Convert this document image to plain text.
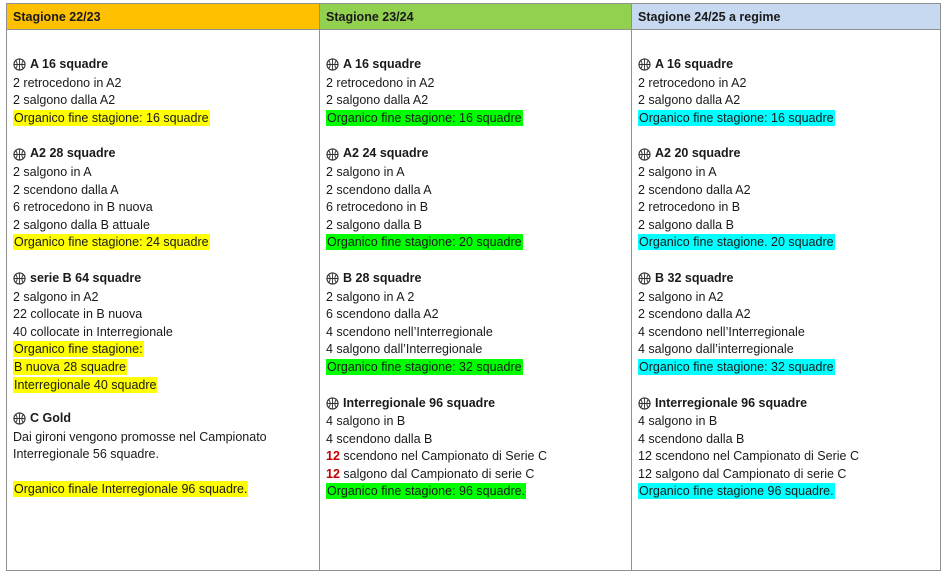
Stagione 22/23
A 16 squadre
2 retrocedono in A2
2 salgono dalla A2
Organico fine stagione: 16 squadre
A2 28 squadre
2 salgono in A
2 scendono dalla A
6 retrocedono in B nuova
2 salgono dalla B attuale
Organico fine stagione: 24 squadre
serie B 64 squadre
2 salgono in A2
22 collocate in B nuova
40 collocate in Interregionale
Organico fine stagione:
B nuova 28 squadre
Interregionale 40 squadre
C Gold
Dai gironi vengono promosse nel Campionato
Interregionale 56 squadre.
Organico finale Interregionale 96 squadre.
Stagione 23/24
A 16 squadre
2 retrocedono in A2
2 salgono dalla A2
Organico fine stagione: 16 squadre
A2 24 squadre
2 salgono in A
2 scendono dalla A
6 retrocedono in B
2 salgono dalla B
Organico fine stagione: 20 squadre
B 28 squadre
2 salgono in A 2
6 scendono dalla A2
4 scendono nell’Interregionale
4 salgono dall’Interregionale
Organico fine stagione: 32 squadre
Interregionale 96 squadre
4 salgono in B
4 scendono dalla B
12 scendono nel Campionato di Serie C
12 salgono dal Campionato di serie C
Organico fine stagione: 96 squadre.
Stagione 24/25 a regime
A 16 squadre
2 retrocedono in A2
2 salgono dalla A2
Organico fine stagione: 16 squadre
A2 20 squadre
2 salgono in A
2 scendono dalla A2
2 retrocedono in B
2 salgono dalla B
Organico fine stagione. 20 squadre
B 32 squadre
2 salgono in A2
2 scendono dalla A2
4 scendono nell’Interregionale
4 salgono dall’interregionale
Organico fine stagione: 32 squadre
Interregionale 96 squadre
4 salgono in B
4 scendono dalla B
12 scendono nel Campionato di Serie C
12 salgono dal Campionato di serie C
Organico fine stagione 96 squadre.
